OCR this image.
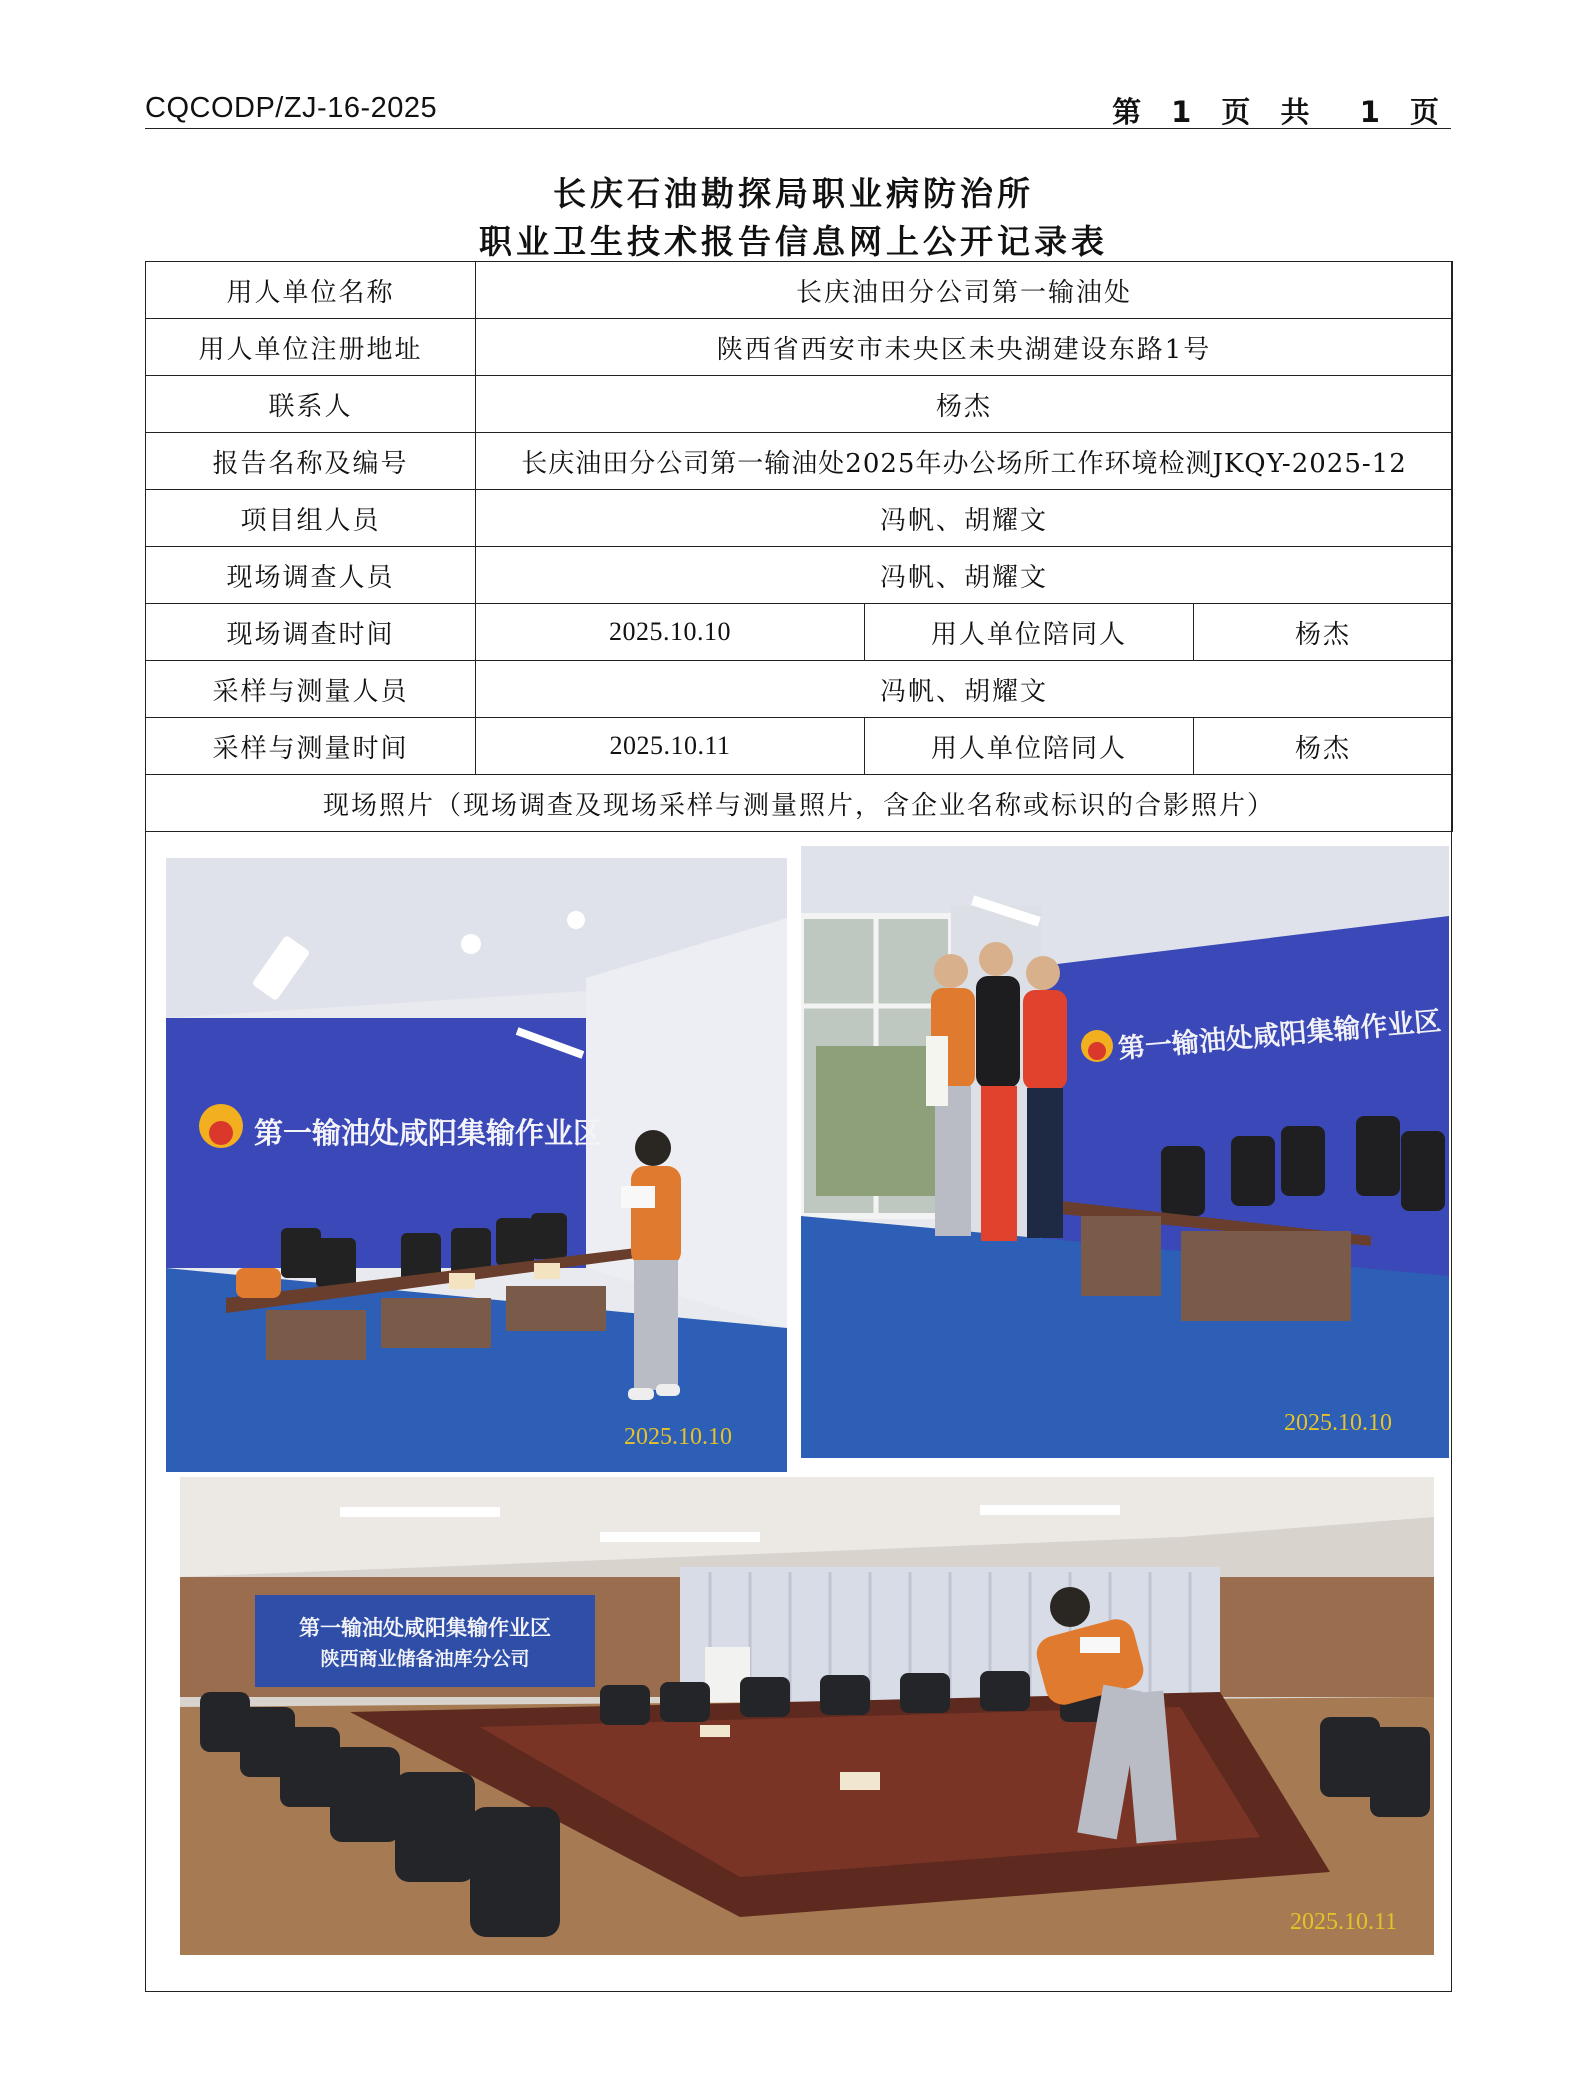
CQCODP/ZJ-16-2025	第 1 页 共  1 页
长庆石油勘探局职业病防治所
职业卫生技术报告信息网上公开记录表
用人单位名称	长庆油田分公司第一输油处		
用人单位注册地址	陕西省西安市未央区未央湖建设东路1号		
联系人	杨杰		
报告名称及编号	长庆油田分公司第一输油处2025年办公场所工作环境检测JKQY-2025-12		
项目组人员	冯帆、胡耀文		
现场调查人员	冯帆、胡耀文		
现场调查时间	2025.10.10	用人单位陪同人	杨杰
采样与测量人员	冯帆、胡耀文		
采样与测量时间	2025.10.11	用人单位陪同人	杨杰
现场照片（现场调查及现场采样与测量照片，含企业名称或标识的合影照片）			
第一输油处咸阳集输作业区
2025.10.10
第一输油处咸阳集输作业区
2025.10.10
第一输油处咸阳集输作业区
陕西商业储备油库分公司
2025.10.11
